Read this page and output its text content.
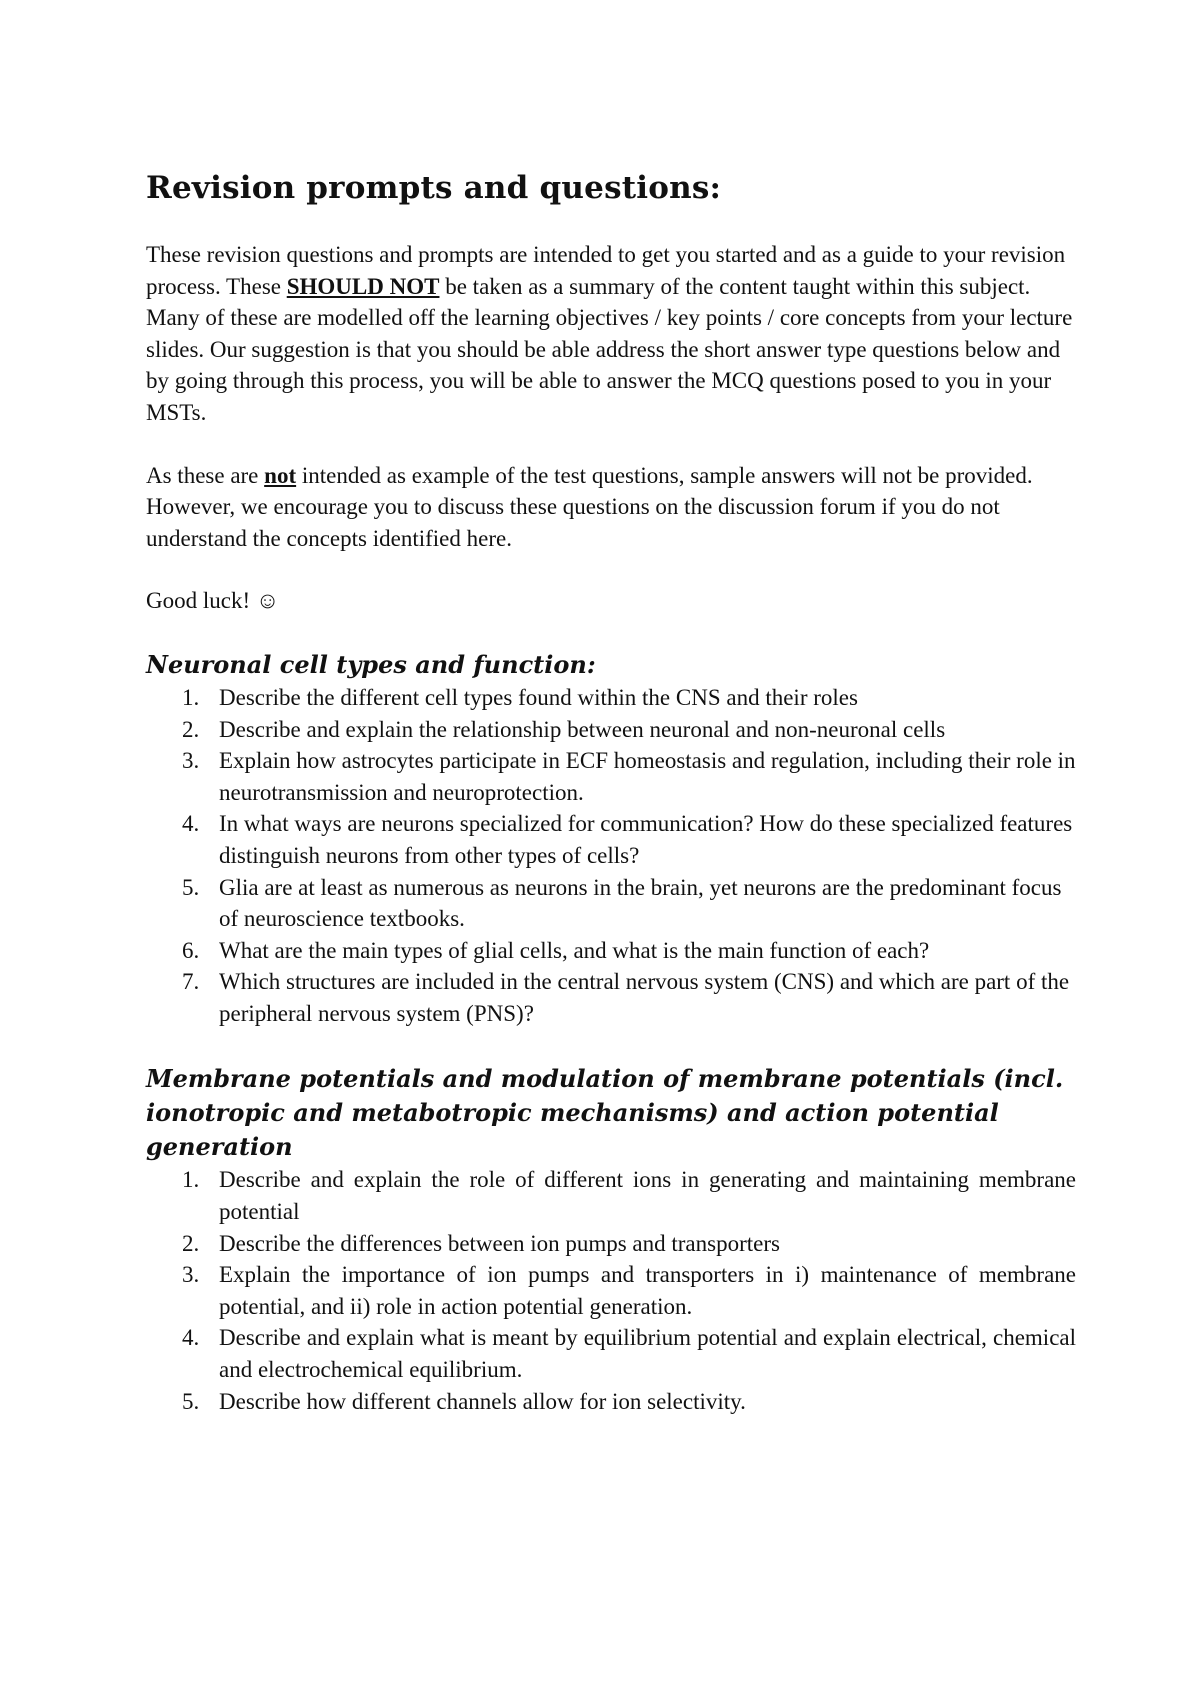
Revision prompts and questions:

These revision questions and prompts are intended to get you started and as a guide to your revision process. These SHOULD NOT be taken as a summary of the content taught within this subject. Many of these are modelled off the learning objectives / key points / core concepts from your lecture slides. Our suggestion is that you should be able address the short answer type questions below and by going through this process, you will be able to answer the MCQ questions posed to you in your MSTs.

As these are not intended as example of the test questions, sample answers will not be provided. However, we encourage you to discuss these questions on the discussion forum if you do not understand the concepts identified here.

Good luck! ☺

Neuronal cell types and function:
1. Describe the different cell types found within the CNS and their roles
2. Describe and explain the relationship between neuronal and non-neuronal cells
3. Explain how astrocytes participate in ECF homeostasis and regulation, including their role in neurotransmission and neuroprotection.
4. In what ways are neurons specialized for communication? How do these specialized features distinguish neurons from other types of cells?
5. Glia are at least as numerous as neurons in the brain, yet neurons are the predominant focus of neuroscience textbooks.
6. What are the main types of glial cells, and what is the main function of each?
7. Which structures are included in the central nervous system (CNS) and which are part of the peripheral nervous system (PNS)?
Membrane potentials and modulation of membrane potentials (incl. ionotropic and metabotropic mechanisms) and action potential generation
1. Describe and explain the role of different ions in generating and maintaining membrane potential
2. Describe the differences between ion pumps and transporters
3. Explain the importance of ion pumps and transporters in i) maintenance of membrane potential, and ii) role in action potential generation.
4. Describe and explain what is meant by equilibrium potential and explain electrical, chemical and electrochemical equilibrium.
5. Describe how different channels allow for ion selectivity.
